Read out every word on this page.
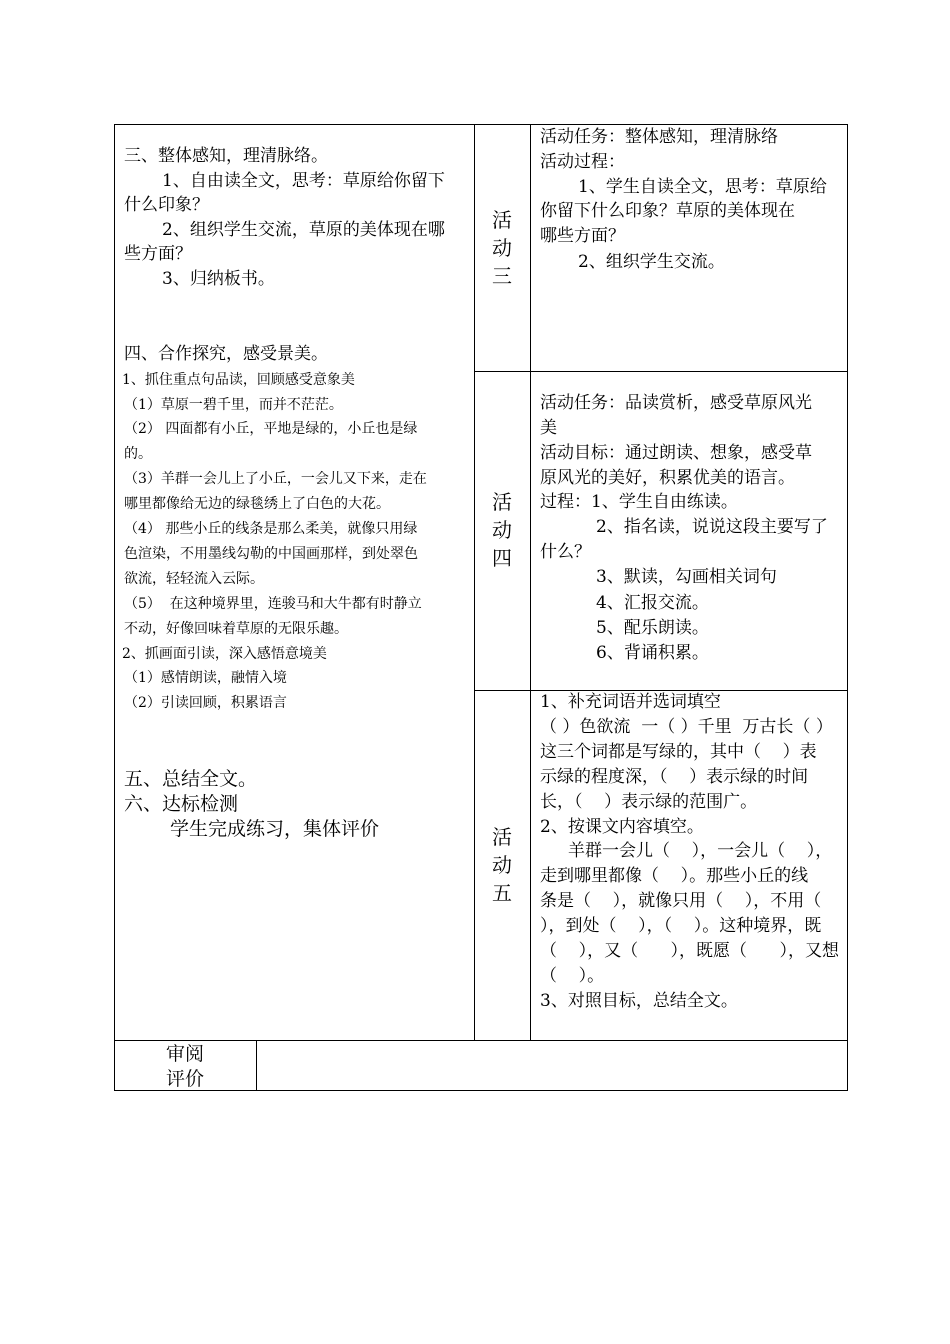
三、整体感知，理清脉络。
1、自由读全文，思考：草原给你留下
什么印象？
2、组织学生交流，草原的美体现在哪
些方面？
3、归纳板书。
四、合作探究，感受景美。
1、抓住重点句品读，回顾感受意象美
（1）草原一碧千里，而并不茫茫。
（2） 四面都有小丘，平地是绿的，小丘也是绿
的。
（3）羊群一会儿上了小丘，一会儿又下来，走在
哪里都像给无边的绿毯绣上了白色的大花。
（4） 那些小丘的线条是那么柔美，就像只用绿
色渲染，不用墨线勾勒的中国画那样，到处翠色
欲流，轻轻流入云际。
（5）  在这种境界里，连骏马和大牛都有时静立
不动，好像回味着草原的无限乐趣。
2、抓画面引读，深入感悟意境美
（1）感情朗读，融情入境
（2）引读回顾，积累语言
五、总结全文。
六、达标检测
学生完成练习，集体评价
活
动
三
活
动
四
活
动
五
活动任务：整体感知，理清脉络
活动过程：
1、学生自读全文，思考：草原给
你留下什么印象？草原的美体现在
哪些方面？
2、组织学生交流。
活动任务：品读赏析，感受草原风光
美
活动目标：通过朗读、想象，感受草
原风光的美好，积累优美的语言。
过程：1、学生自由练读。
2、指名读，说说这段主要写了
什么？
3、默读，勾画相关词句
4、汇报交流。
5、配乐朗读。
6、背诵积累。
1、补充词语并选词填空
（ ）色欲流  一（ ）千里  万古长（ ）
这三个词都是写绿的，其中（    ）表
示绿的程度深，（    ）表示绿的时间
长，（    ）表示绿的范围广。
2、按课文内容填空。
羊群一会儿（    ），一会儿（    ），
走到哪里都像（    ）。那些小丘的线
条是（    ），就像只用（    ），不用（
），到处（    ），（    ）。这种境界，既
（    ），又（      ），既愿（      ），又想
（    ）。
3、对照目标，总结全文。
审阅
评价
